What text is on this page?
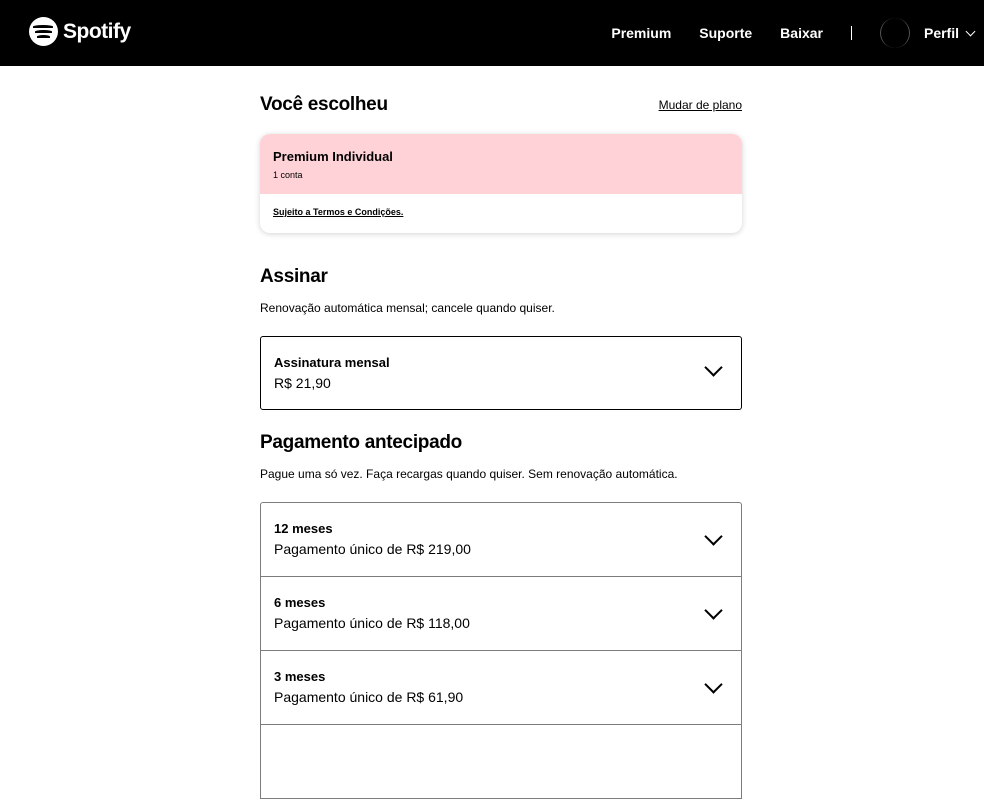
Spotify	Premium Suporte Baixar	Perfil
Você escolheu	Mudar de plano
Premium Individual
1 conta
Sujeito a Termos e Condições.
Assinar
Renovação automática mensal; cancele quando quiser.
Assinatura mensal
R$ 21,90
Pagamento antecipado
Pague uma só vez. Faça recargas quando quiser. Sem renovação automática.
12 meses
Pagamento único de R$ 219,00
6 meses
Pagamento único de R$ 118,00
3 meses
Pagamento único de R$ 61,90
